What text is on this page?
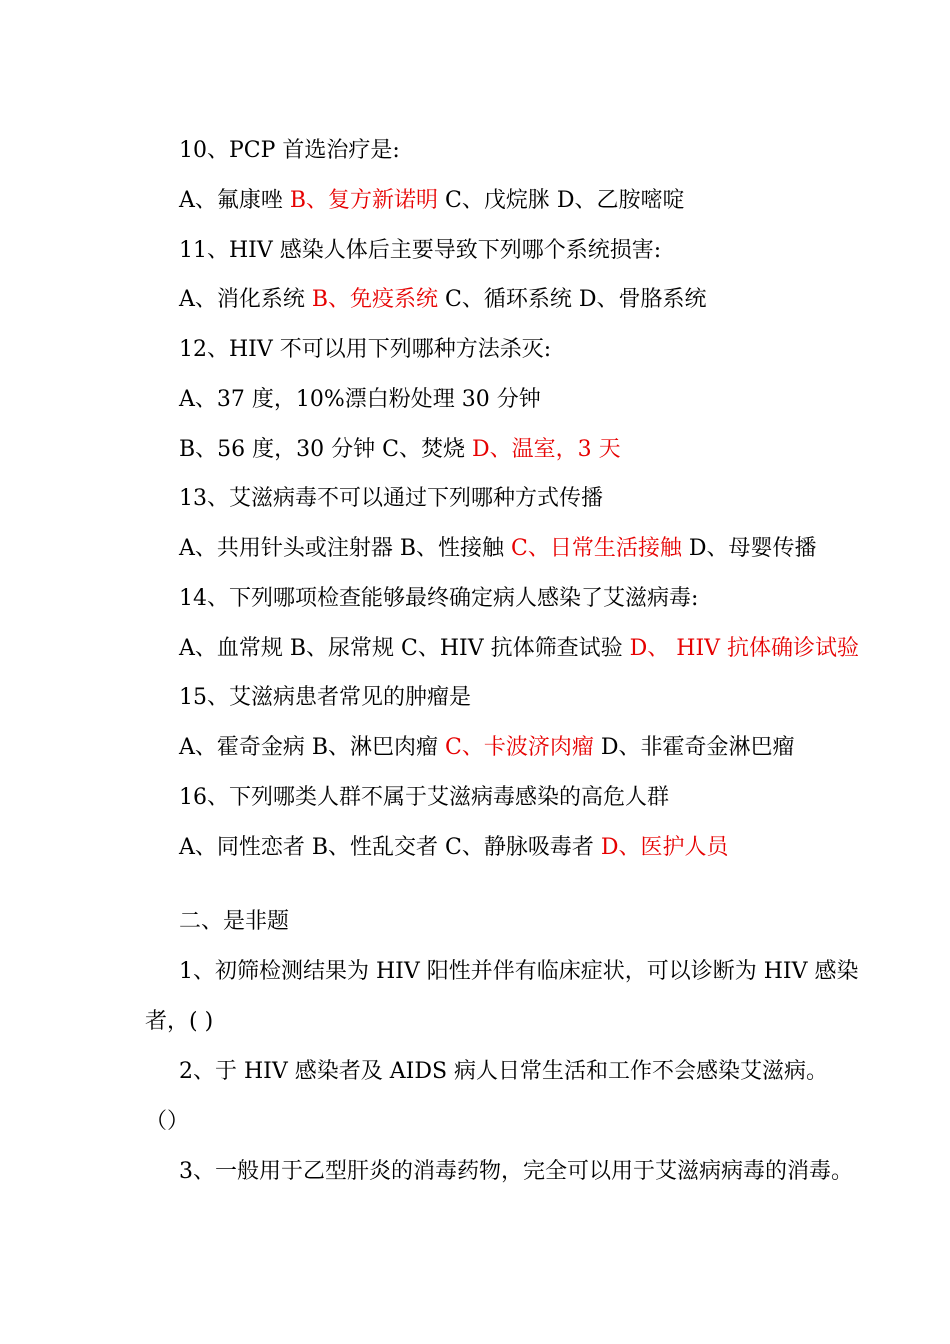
10、PCP 首选治疗是:
A、氟康唑 B、复方新诺明 C、戊烷脒 D、乙胺嘧啶
11、HIV 感染人体后主要导致下列哪个系统损害:
A、消化系统 B、免疫系统 C、循环系统 D、骨胳系统
12、HIV 不可以用下列哪种方法杀灭:
A、37 度，10%漂白粉处理 30 分钟
B、56 度，30 分钟 C、焚烧 D、温室，3 天
13、艾滋病毒不可以通过下列哪种方式传播
A、共用针头或注射器 B、性接触 C、日常生活接触 D、母婴传播
14、下列哪项检查能够最终确定病人感染了艾滋病毒:
A、血常规 B、尿常规 C、HIV 抗体筛查试验 D、 HIV 抗体确诊试验
15、艾滋病患者常见的肿瘤是
A、霍奇金病 B、淋巴肉瘤 C、卡波济肉瘤 D、非霍奇金淋巴瘤
16、下列哪类人群不属于艾滋病毒感染的高危人群
A、同性恋者 B、性乱交者 C、静脉吸毒者 D、医护人员
二、是非题
1、初筛检测结果为 HIV 阳性并伴有临床症状，可以诊断为 HIV 感染
者，( )
2、于 HIV 感染者及 AIDS 病人日常生活和工作不会感染艾滋病。
（）
3、一般用于乙型肝炎的消毒药物，完全可以用于艾滋病病毒的消毒。
